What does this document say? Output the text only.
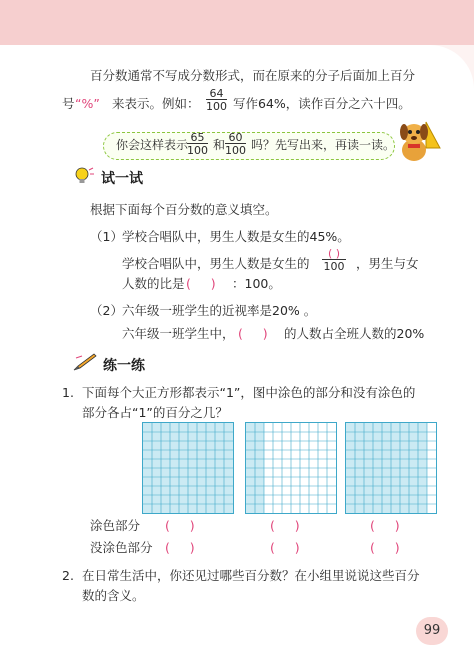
百分数通常不写成分数形式，而在原来的分子后面加上百分
号 “%” 来表示。例如： $\frac{64}{100}$ 写作64%，读作百分之六十四。
你会这样表示
$\frac{65}{100}$ 和 $\frac{60}{100}$ 吗？先写出来，再读一读。
试一试
根据下面每个百分数的意义填空。
（1） 学校合唱队中，男生人数是女生的45%。
学校合唱队中，男生人数是女生的
( )
100 ，男生与女
人数的比是 (     ) ：100。
（2） 六年级一班学生的近视率是20% 。
六年级一班学生中， (     ) 的人数占全班人数的20%
练一练
1. 下面每个大正方形都表示“1”，图中涂色的部分和没有涂色的
部分各占“1”的百分之几？
涂色部分 (     )	(     )	(     )
没涂色部分 (     )	(     )	(     )
2. 在日常生活中，你还见过哪些百分数？在小组里说说这些百分
数的含义。
99
